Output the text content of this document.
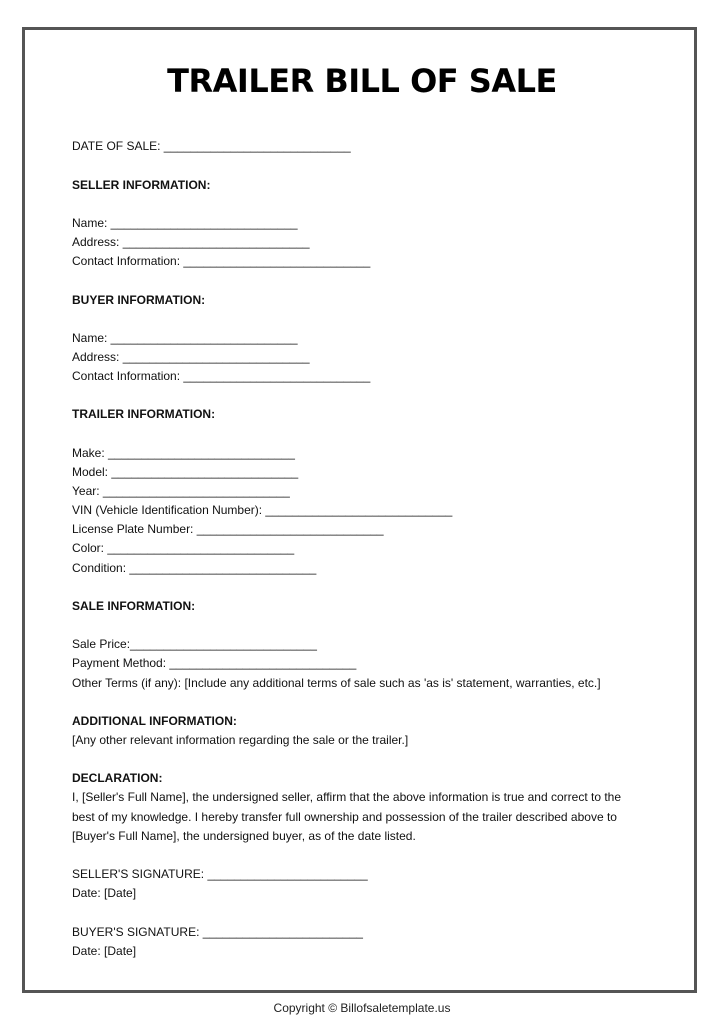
TRAILER BILL OF SALE
DATE OF SALE: ____________________________
SELLER INFORMATION:
Name: ____________________________
Address: ____________________________
Contact Information: ____________________________
BUYER INFORMATION:
Name: ____________________________
Address: ____________________________
Contact Information: ____________________________
TRAILER INFORMATION:
Make: ____________________________
Model: ____________________________
Year: ____________________________
VIN (Vehicle Identification Number): ____________________________
License Plate Number: ____________________________
Color: ____________________________
Condition: ____________________________
SALE INFORMATION:
Sale Price:____________________________
Payment Method: ____________________________
Other Terms (if any): [Include any additional terms of sale such as 'as is' statement, warranties, etc.]
ADDITIONAL INFORMATION:
[Any other relevant information regarding the sale or the trailer.]
DECLARATION:
I, [Seller's Full Name], the undersigned seller, affirm that the above information is true and correct to the best of my knowledge. I hereby transfer full ownership and possession of the trailer described above to [Buyer's Full Name], the undersigned buyer, as of the date listed.
SELLER'S SIGNATURE: ________________________
Date: [Date]
BUYER'S SIGNATURE: ________________________
Date: [Date]
Copyright © Billofsaletemplate.us
